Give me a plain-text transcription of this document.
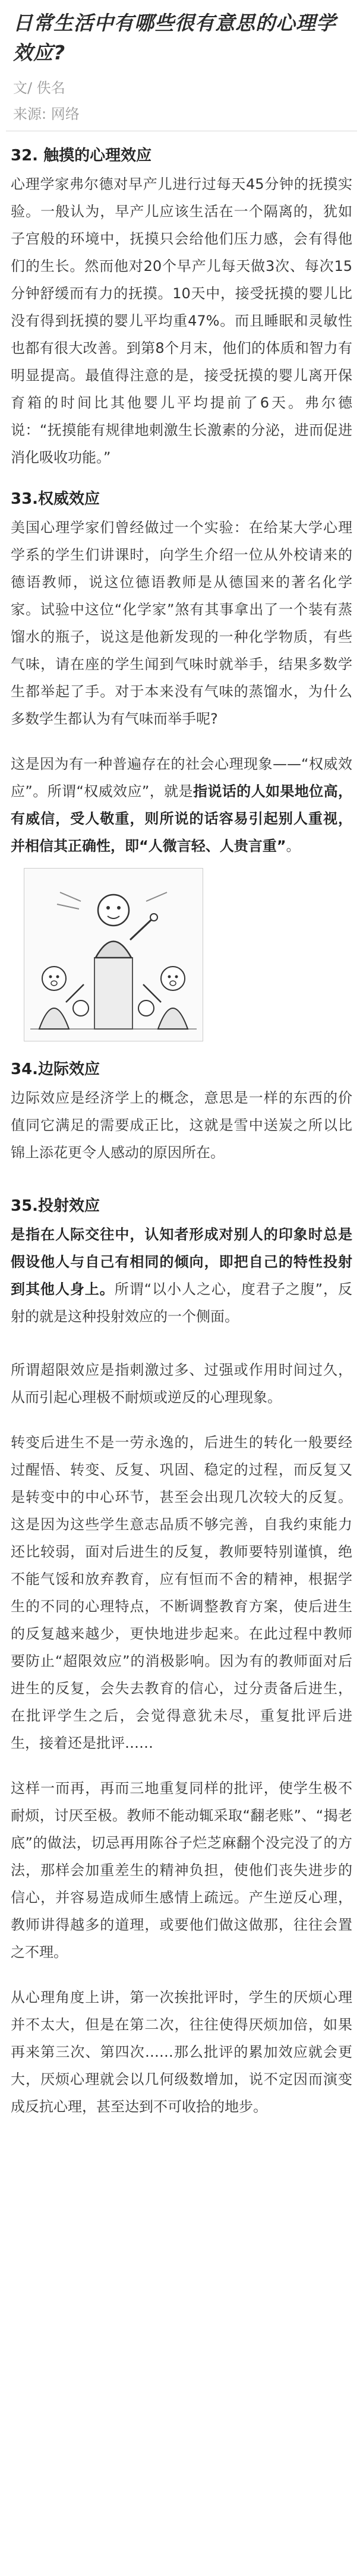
日常生活中有哪些很有意思的心理学效应?
文/ 佚名
来源: 网络
32. 触摸的心理效应

心理学家弗尔德对早产儿进行过每天45分钟的抚摸实验。一般认为，早产儿应该生活在一个隔离的，犹如子宫般的环境中，抚摸只会给他们压力感，会有得他们的生长。然而他对20个早产儿每天做3次、每次15分钟舒缓而有力的抚摸。10天中，接受抚摸的婴儿比没有得到抚摸的婴儿平均重47%。而且睡眠和灵敏性也都有很大改善。到第8个月末，他们的体质和智力有明显提高。最值得注意的是，接受抚摸的婴儿离开保育箱的时间比其他婴儿平均提前了6天。弗尔德说：“抚摸能有规律地刺激生长激素的分泌，进而促进消化吸收功能。”

33.权威效应

美国心理学家们曾经做过一个实验：在给某大学心理学系的学生们讲课时，向学生介绍一位从外校请来的德语教师，说这位德语教师是从德国来的著名化学家。试验中这位“化学家”煞有其事拿出了一个装有蒸馏水的瓶子，说这是他新发现的一种化学物质，有些气味，请在座的学生闻到气味时就举手，结果多数学生都举起了手。对于本来没有气味的蒸馏水，为什么多数学生都认为有气味而举手呢?

这是因为有一种普遍存在的社会心理现象——“权威效应”。所谓“权威效应”，就是指说话的人如果地位高，有威信，受人敬重，则所说的话容易引起别人重视，并相信其正确性，即“人微言轻、人贵言重”。

34.边际效应

边际效应是经济学上的概念，意思是一样的东西的价值同它满足的需要成正比，这就是雪中送炭之所以比锦上添花更令人感动的原因所在。

35.投射效应

是指在人际交往中，认知者形成对别人的印象时总是假设他人与自己有相同的倾向，即把自己的特性投射到其他人身上。所谓“以小人之心，度君子之腹”，反射的就是这种投射效应的一个侧面。

所谓超限效应是指刺激过多、过强或作用时间过久，从而引起心理极不耐烦或逆反的心理现象。

转变后进生不是一劳永逸的，后进生的转化一般要经过醒悟、转变、反复、巩固、稳定的过程，而反复又是转变中的中心环节，甚至会出现几次较大的反复。这是因为这些学生意志品质不够完善，自我约束能力还比较弱，面对后进生的反复，教师要特别谨慎，绝不能气馁和放弃教育，应有恒而不舍的精神，根据学生的不同的心理特点，不断调整教育方案，使后进生的反复越来越少，更快地进步起来。在此过程中教师要防止“超限效应”的消极影响。因为有的教师面对后进生的反复，会失去教育的信心，过分责备后进生，在批评学生之后，会觉得意犹未尽，重复批评后进生，接着还是批评……

这样一而再，再而三地重复同样的批评，使学生极不耐烦，讨厌至极。教师不能动辄采取“翻老账”、“揭老底”的做法，切忌再用陈谷子烂芝麻翻个没完没了的方法，那样会加重差生的精神负担，使他们丧失进步的信心，并容易造成师生感情上疏远。产生逆反心理，教师讲得越多的道理，或要他们做这做那，往往会置之不理。

从心理角度上讲，第一次挨批评时，学生的厌烦心理并不太大，但是在第二次，往往使得厌烦加倍，如果再来第三次、第四次……那么批评的累加效应就会更大，厌烦心理就会以几何级数增加，说不定因而演变成反抗心理，甚至达到不可收拾的地步。
